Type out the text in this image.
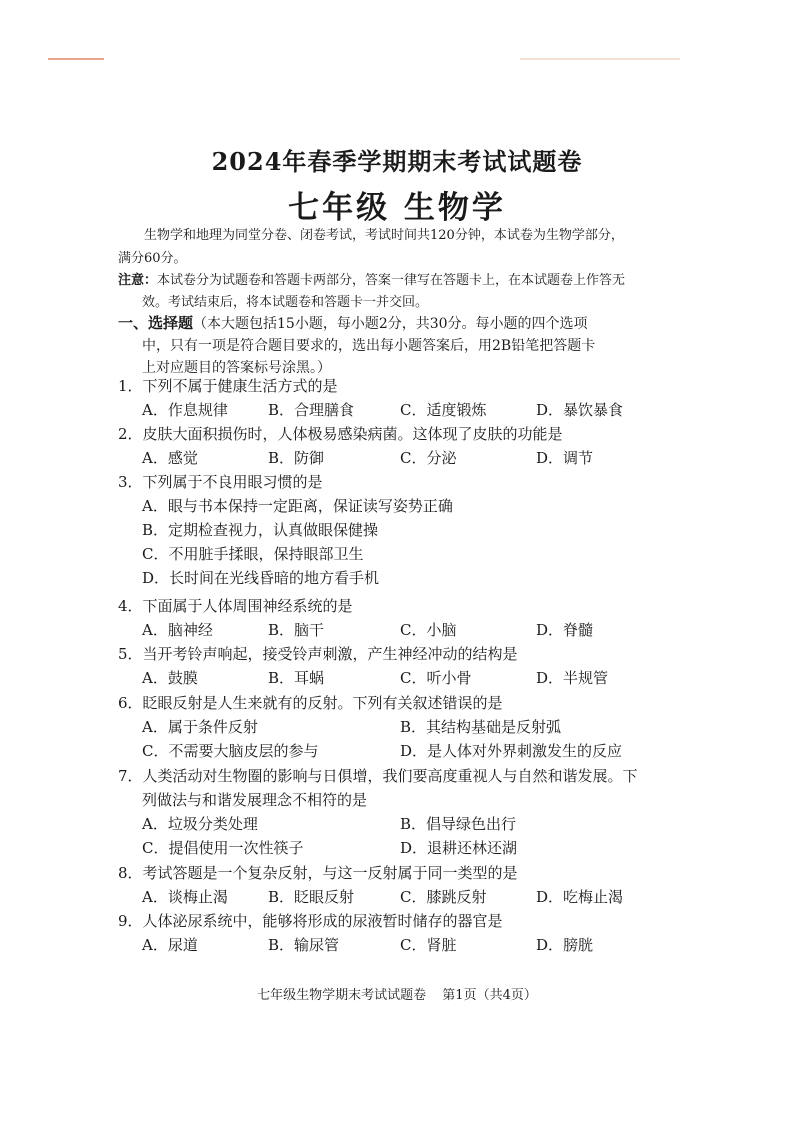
2024年春季学期期末考试试题卷
七年级 生物学
生物学和地理为同堂分卷、闭卷考试，考试时间共120分钟，本试卷为生物学部分，
满分60分。
注意：本试卷分为试题卷和答题卡两部分，答案一律写在答题卡上，在本试题卷上作答无
效。考试结束后，将本试题卷和答题卡一并交回。
一、选择题（本大题包括15小题，每小题2分，共30分。每小题的四个选项
中，只有一项是符合题目要求的，选出每小题答案后，用2B铅笔把答题卡
上对应题目的答案标号涂黑。）
1．下列不属于健康生活方式的是
A．作息规律	B．合理膳食	C．适度锻炼	D．暴饮暴食
2．皮肤大面积损伤时，人体极易感染病菌。这体现了皮肤的功能是
A．感觉	B．防御	C．分泌	D．调节
3．下列属于不良用眼习惯的是
A．眼与书本保持一定距离，保证读写姿势正确
B．定期检查视力，认真做眼保健操
C．不用脏手揉眼，保持眼部卫生
D．长时间在光线昏暗的地方看手机
4．下面属于人体周围神经系统的是
A．脑神经	B．脑干	C．小脑	D．脊髓
5．当开考铃声响起，接受铃声刺激，产生神经冲动的结构是
A．鼓膜	B．耳蜗	C．听小骨	D．半规管
6．眨眼反射是人生来就有的反射。下列有关叙述错误的是
A．属于条件反射	B．其结构基础是反射弧
C．不需要大脑皮层的参与	D．是人体对外界刺激发生的反应
7．人类活动对生物圈的影响与日俱增，我们要高度重视人与自然和谐发展。下
列做法与和谐发展理念不相符的是
A．垃圾分类处理	B．倡导绿色出行
C．提倡使用一次性筷子	D．退耕还林还湖
8．考试答题是一个复杂反射，与这一反射属于同一类型的是
A．谈梅止渴	B．眨眼反射	C．膝跳反射	D．吃梅止渴
9．人体泌尿系统中，能够将形成的尿液暂时储存的器官是
A．尿道	B．输尿管	C．肾脏	D．膀胱
七年级生物学期末考试试题卷 第1页（共4页）
